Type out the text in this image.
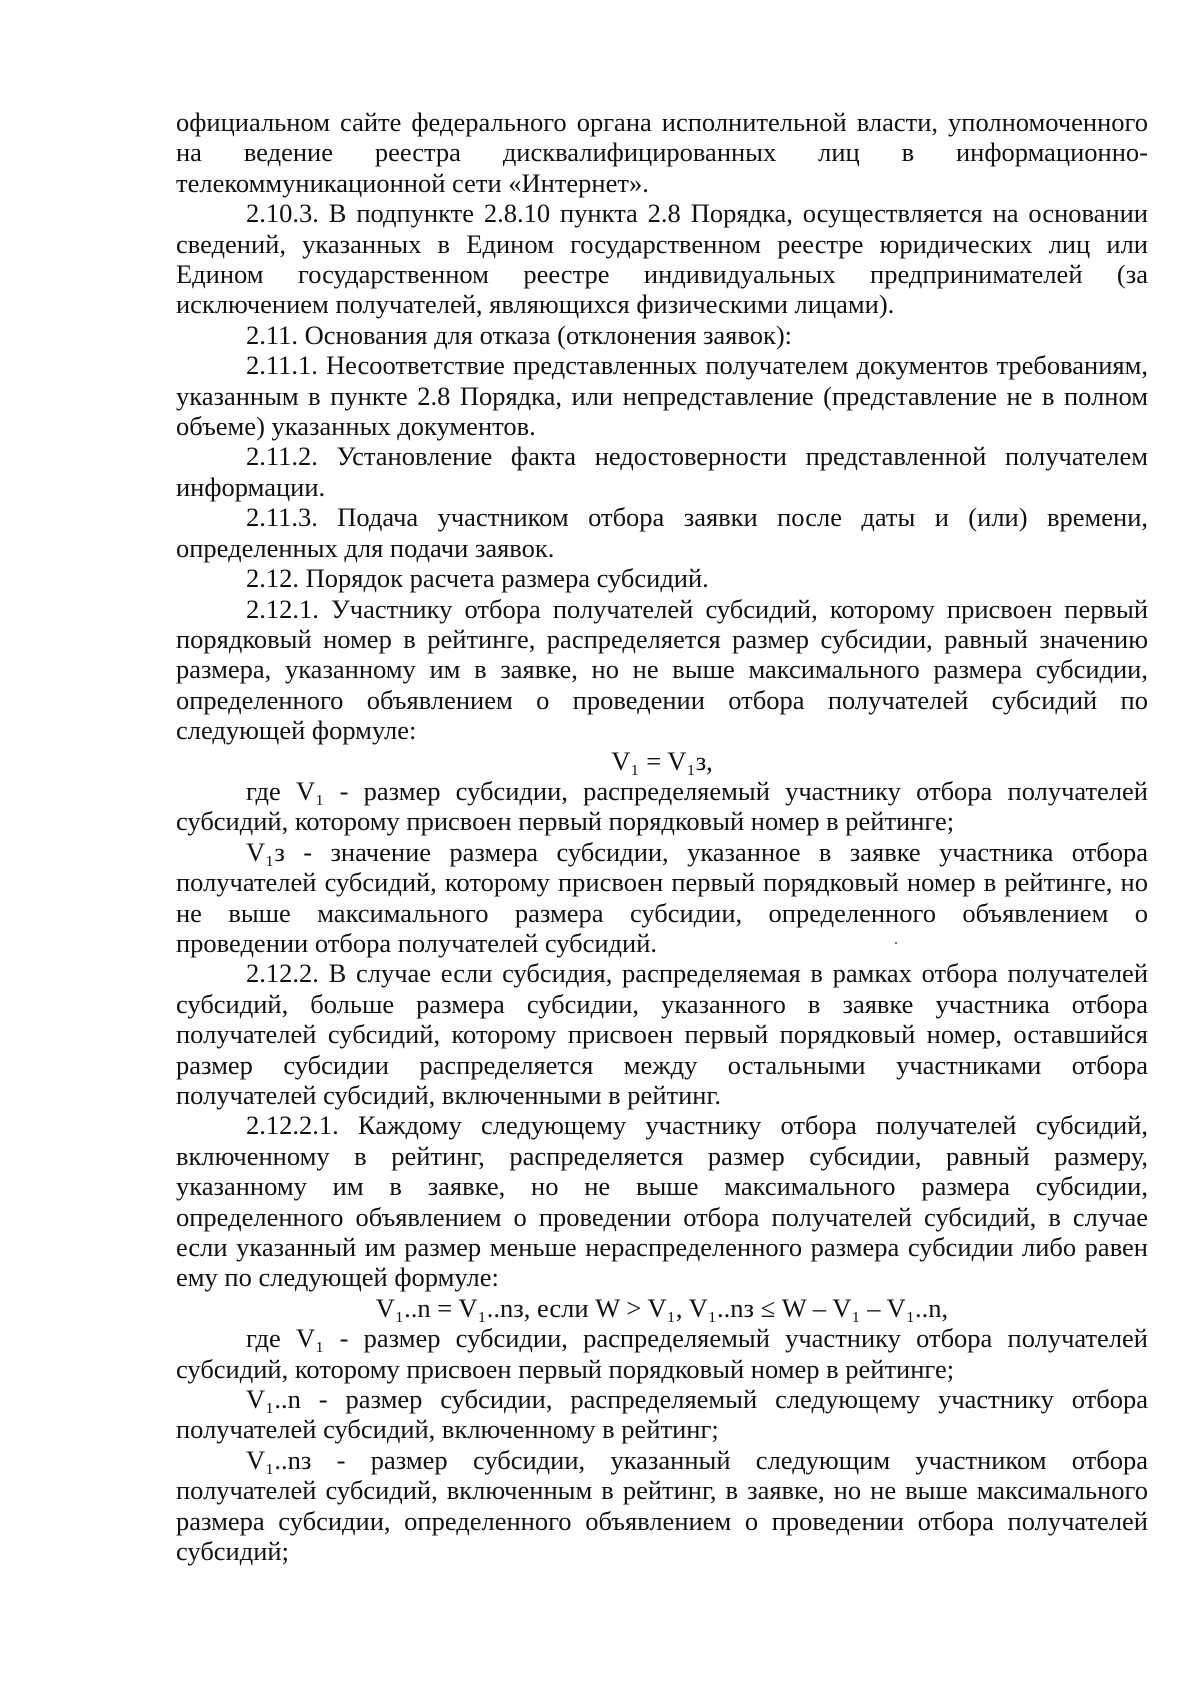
официальном сайте федерального органа исполнительной власти, уполномоченного на ведение реестра дисквалифицированных лиц в информационно-телекоммуникационной сети «Интернет».

2.10.3. В подпункте 2.8.10 пункта 2.8 Порядка, осуществляется на основании сведений, указанных в Едином государственном реестре юридических лиц или Едином государственном реестре индивидуальных предпринимателей (за исключением получателей, являющихся физическими лицами).

2.11. Основания для отказа (отклонения заявок):

2.11.1. Несоответствие представленных получателем документов требованиям, указанным в пункте 2.8 Порядка, или непредставление (представление не в полном объеме) указанных документов.

2.11.2. Установление факта недостоверности представленной получателем информации.

2.11.3. Подача участником отбора заявки после даты и (или) времени, определенных для подачи заявок.

2.12. Порядок расчета размера субсидий.

2.12.1. Участнику отбора получателей субсидий, которому присвоен первый порядковый номер в рейтинге, распределяется размер субсидии, равный значению размера, указанному им в заявке, но не выше максимального размера субсидии, определенного объявлением о проведении отбора получателей субсидий по следующей формуле:

V₁ = V₁з,

где V₁ - размер субсидии, распределяемый участнику отбора получателей субсидий, которому присвоен первый порядковый номер в рейтинге;

V₁з - значение размера субсидии, указанное в заявке участника отбора получателей субсидий, которому присвоен первый порядковый номер в рейтинге, но не выше максимального размера субсидии, определенного объявлением о проведении отбора получателей субсидий.

2.12.2. В случае если субсидия, распределяемая в рамках отбора получателей субсидий, больше размера субсидии, указанного в заявке участника отбора получателей субсидий, которому присвоен первый порядковый номер, оставшийся размер субсидии распределяется между остальными участниками отбора получателей субсидий, включенными в рейтинг.

2.12.2.1. Каждому следующему участнику отбора получателей субсидий, включенному в рейтинг, распределяется размер субсидии, равный размеру, указанному им в заявке, но не выше максимального размера субсидии, определенного объявлением о проведении отбора получателей субсидий, в случае если указанный им размер меньше нераспределенного размера субсидии либо равен ему по следующей формуле:

V₁..n = V₁..nз, если W > V₁, V₁..nз ≤ W – V₁ – V₁..n,

где V₁ - размер субсидии, распределяемый участнику отбора получателей субсидий, которому присвоен первый порядковый номер в рейтинге;

V₁..n - размер субсидии, распределяемый следующему участнику отбора получателей субсидий, включенному в рейтинг;

V₁..nз - размер субсидии, указанный следующим участником отбора получателей субсидий, включенным в рейтинг, в заявке, но не выше максимального размера субсидии, определенного объявлением о проведении отбора получателей субсидий;
